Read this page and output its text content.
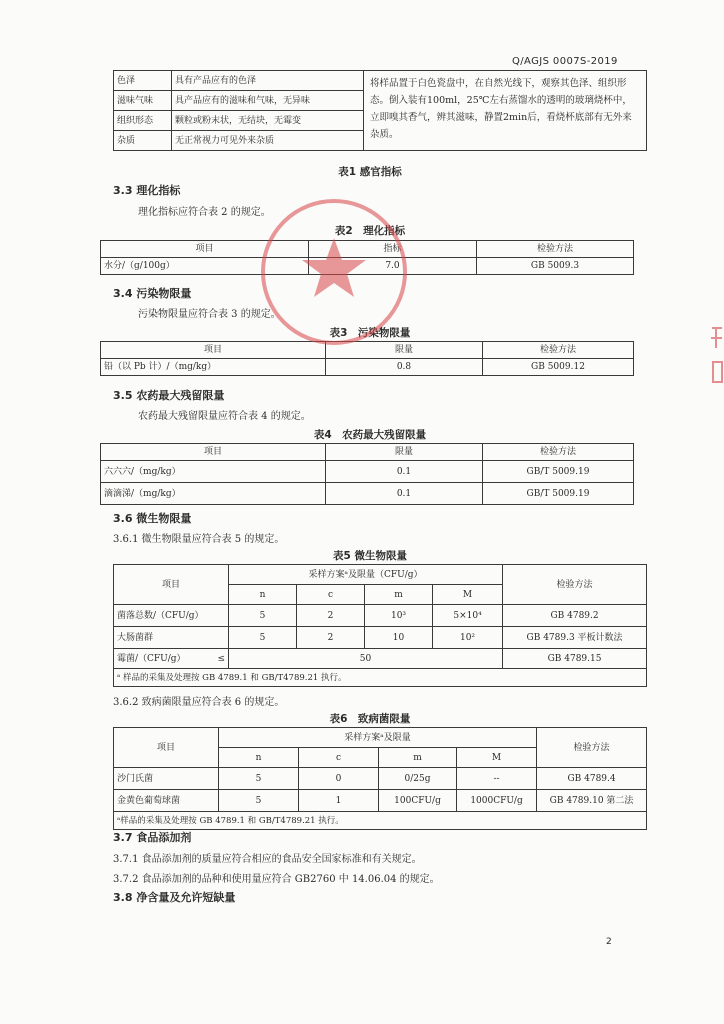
Q/AGJS 0007S-2019
色泽	具有产品应有的色泽	将样品置于白色瓷盘中，在自然光线下，观察其色泽、组织形态。倒入装有100ml，25℃左右蒸馏水的透明的玻璃烧杯中，立即嗅其香气，辨其滋味，静置2min后，看烧杯底部有无外来杂质。
滋味气味	具产品应有的滋味和气味，无异味	
组织形态	颗粒或粉末状，无结块，无霉变	
杂质	无正常视力可见外来杂质	
表1 感官指标
3.3 理化指标
理化指标应符合表 2 的规定。
表2　理化指标
项目	指标	检验方法
水分/（g/100g）	7.0	GB 5009.3
3.4 污染物限量
污染物限量应符合表 3 的规定。
表3　污染物限量
项目	限量	检验方法
铅（以 Pb 计）/（mg/kg）	0.8	GB 5009.12
3.5 农药最大残留限量
农药最大残留限量应符合表 4 的规定。
表4　农药最大残留限量
项目	限量	检验方法
六六六/（mg/kg）	0.1	GB/T 5009.19
滴滴涕/（mg/kg）	0.1	GB/T 5009.19
3.6 微生物限量
3.6.1 微生物限量应符合表 5 的规定。
表5 微生物限量
项目	采样方案ᵃ及限量（CFU/g）				检验方法
	n	c	m	M	
菌落总数/（CFU/g）	5	2	10³	5×10⁴	GB 4789.2
大肠菌群	5	2	10	10²	GB 4789.3 平板计数法
霉菌/（CFU/g） ≤	50				GB 4789.15
ᵃ 样品的采集及处理按 GB 4789.1 和 GB/T4789.21 执行。					
3.6.2 致病菌限量应符合表 6 的规定。
表6　致病菌限量
项目	采样方案ᵃ及限量				检验方法
	n	c	m	M	
沙门氏菌	5	0	0/25g	--	GB 4789.4
金黄色葡萄球菌	5	1	100CFU/g	1000CFU/g	GB 4789.10 第二法
ᵃ样品的采集及处理按 GB 4789.1 和 GB/T4789.21 执行。					
3.7 食品添加剂
3.7.1 食品添加剂的质量应符合相应的食品安全国家标准和有关规定。
3.7.2 食品添加剂的品种和使用量应符合 GB2760 中 14.06.04 的规定。
3.8 净含量及允许短缺量
2
